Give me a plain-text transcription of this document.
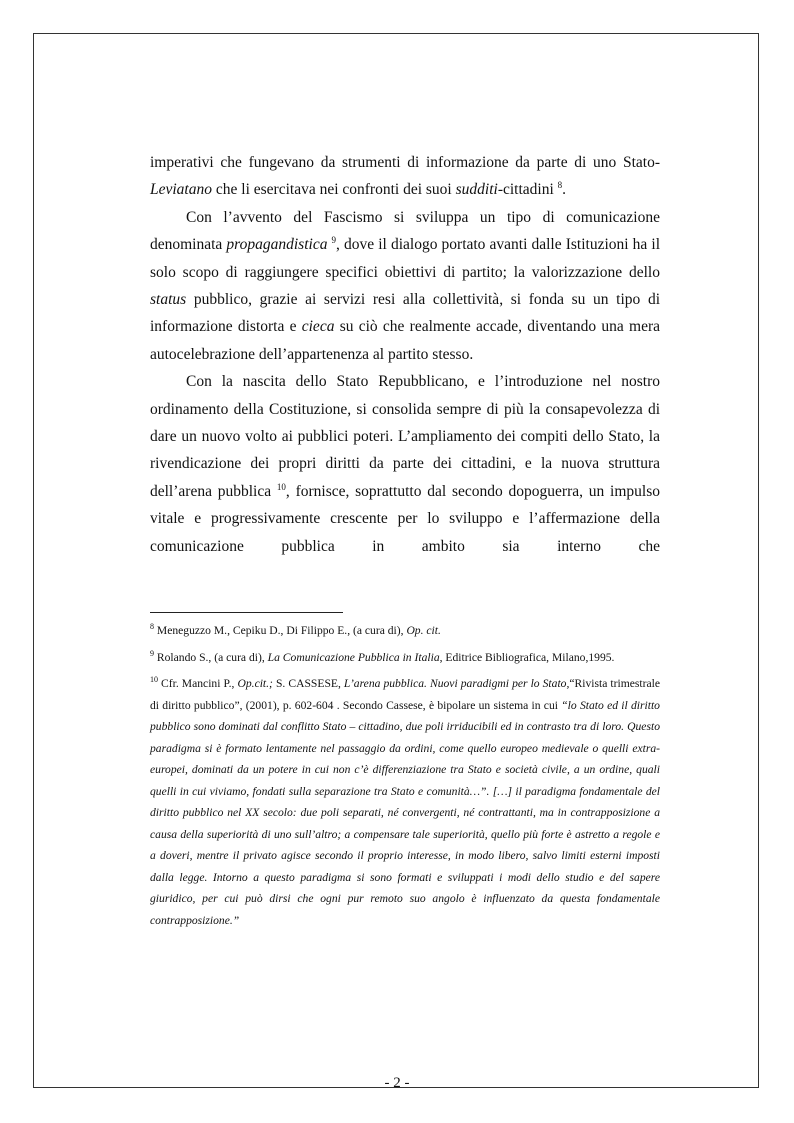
imperativi che fungevano da strumenti di informazione da parte di uno Stato-Leviatano che li esercitava nei confronti dei suoi sudditi-cittadini $^8$.

Con l’avvento del Fascismo si sviluppa un tipo di comunicazione denominata propagandistica $^9$, dove il dialogo portato avanti dalle Istituzioni ha il solo scopo di raggiungere specifici obiettivi di partito; la valorizzazione dello status pubblico, grazie ai servizi resi alla collettività, si fonda su un tipo di informazione distorta e cieca su ciò che realmente accade, diventando una mera autocelebrazione dell’appartenenza al partito stesso.

Con la nascita dello Stato Repubblicano, e l’introduzione nel nostro ordinamento della Costituzione, si consolida sempre di più la consapevolezza di dare un nuovo volto ai pubblici poteri. L’ampliamento dei compiti dello Stato, la rivendicazione dei propri diritti da parte dei cittadini, e la nuova struttura dell’arena pubblica $^{10}$, fornisce, soprattutto dal secondo dopoguerra, un impulso vitale e progressivamente crescente per lo sviluppo e l’affermazione della comunicazione pubblica in ambito sia interno che

$^8$ Meneguzzo M., Cepiku D., Di Filippo E., (a cura di), Op. cit.

$^9$ Rolando S., (a cura di), La Comunicazione Pubblica in Italia, Editrice Bibliografica, Milano,1995.

$^{10}$ Cfr. Mancini P., Op.cit.; S. CASSESE, L’arena pubblica. Nuovi paradigmi per lo Stato,“Rivista trimestrale di diritto pubblico”, (2001), p. 602-604 . Secondo Cassese, è bipolare un sistema in cui “lo Stato ed il diritto pubblico sono dominati dal conflitto Stato – cittadino, due poli irriducibili ed in contrasto tra di loro. Questo paradigma si è formato lentamente nel passaggio da ordini, come quello europeo medievale o quelli extra-europei, dominati da un potere in cui non c’è differenziazione tra Stato e società civile, a un ordine, quali quelli in cui viviamo, fondati sulla separazione tra Stato e comunità…”. […] il paradigma fondamentale del diritto pubblico nel XX secolo: due poli separati, né convergenti, né contrattanti, ma in contrapposizione a causa della superiorità di uno sull’altro; a compensare tale superiorità, quello più forte è astretto a regole e a doveri, mentre il privato agisce secondo il proprio interesse, in modo libero, salvo limiti esterni imposti dalla legge. Intorno a questo paradigma si sono formati e sviluppati i modi dello studio e del sapere giuridico, per cui può dirsi che ogni pur remoto suo angolo è influenzato da questa fondamentale contrapposizione.”

- 2 -
